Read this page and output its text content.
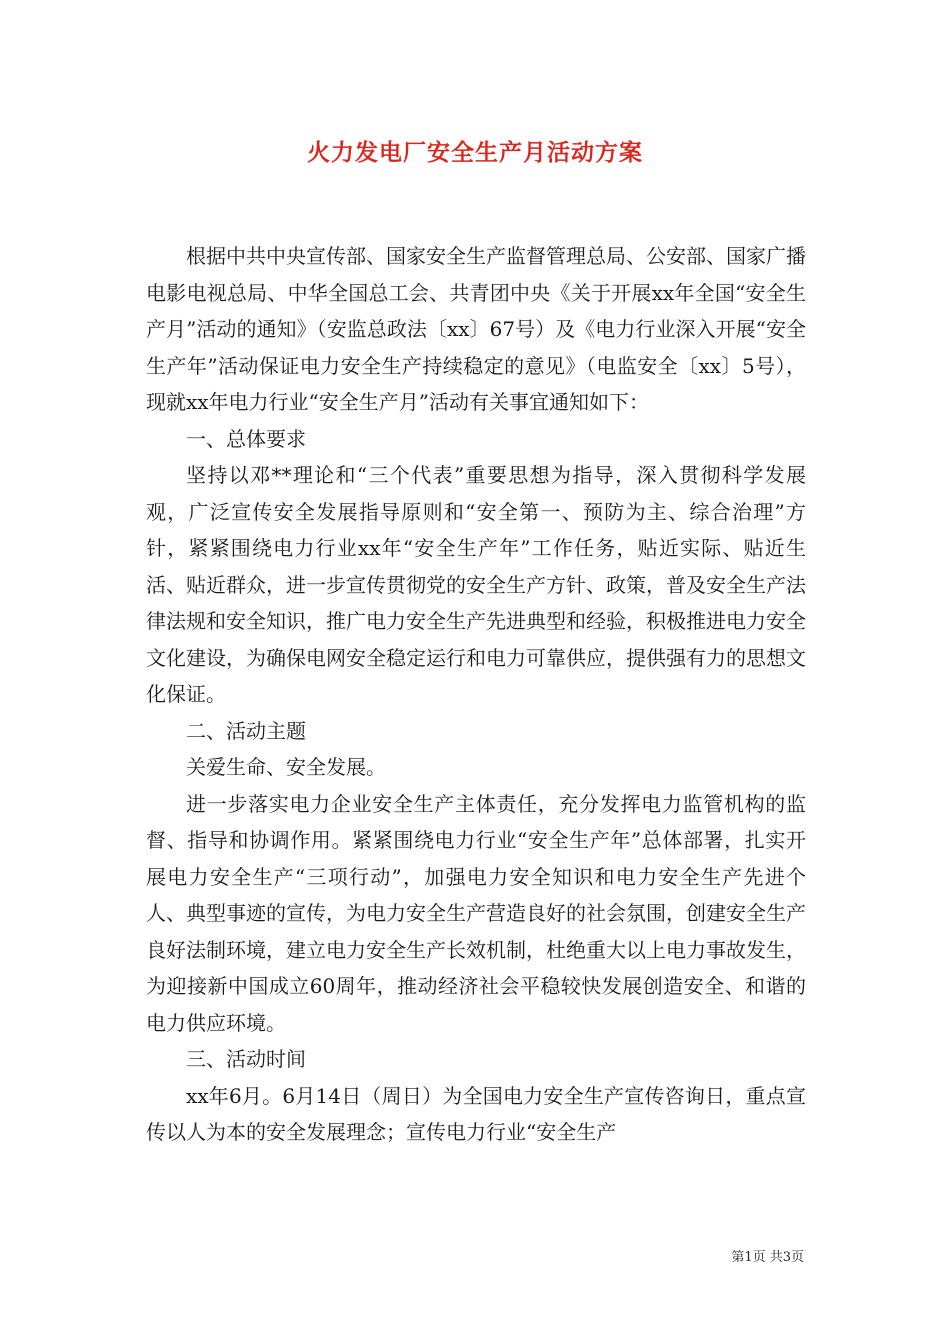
火力发电厂安全生产月活动方案

根据中共中央宣传部、国家安全生产监督管理总局、公安部、国家广播电影电视总局、中华全国总工会、共青团中央《关于开展xx年全国“安全生产月”活动的通知》（安监总政法〔xx〕67号）及《电力行业深入开展“安全生产年”活动保证电力安全生产持续稳定的意见》（电监安全〔xx〕5号），现就xx年电力行业“安全生产月”活动有关事宜通知如下：

一、总体要求

坚持以邓**理论和“三个代表”重要思想为指导，深入贯彻科学发展观，广泛宣传安全发展指导原则和“安全第一、预防为主、综合治理”方针，紧紧围绕电力行业xx年“安全生产年”工作任务，贴近实际、贴近生活、贴近群众，进一步宣传贯彻党的安全生产方针、政策，普及安全生产法律法规和安全知识，推广电力安全生产先进典型和经验，积极推进电力安全文化建设，为确保电网安全稳定运行和电力可靠供应，提供强有力的思想文化保证。

二、活动主题

关爱生命、安全发展。

进一步落实电力企业安全生产主体责任，充分发挥电力监管机构的监督、指导和协调作用。紧紧围绕电力行业“安全生产年”总体部署，扎实开展电力安全生产“三项行动”，加强电力安全知识和电力安全生产先进个人、典型事迹的宣传，为电力安全生产营造良好的社会氛围，创建安全生产良好法制环境，建立电力安全生产长效机制，杜绝重大以上电力事故发生，为迎接新中国成立60周年，推动经济社会平稳较快发展创造安全、和谐的电力供应环境。

三、活动时间

xx年6月。6月14日（周日）为全国电力安全生产宣传咨询日，重点宣传以人为本的安全发展理念；宣传电力行业“安全生产

第1页 共3页
